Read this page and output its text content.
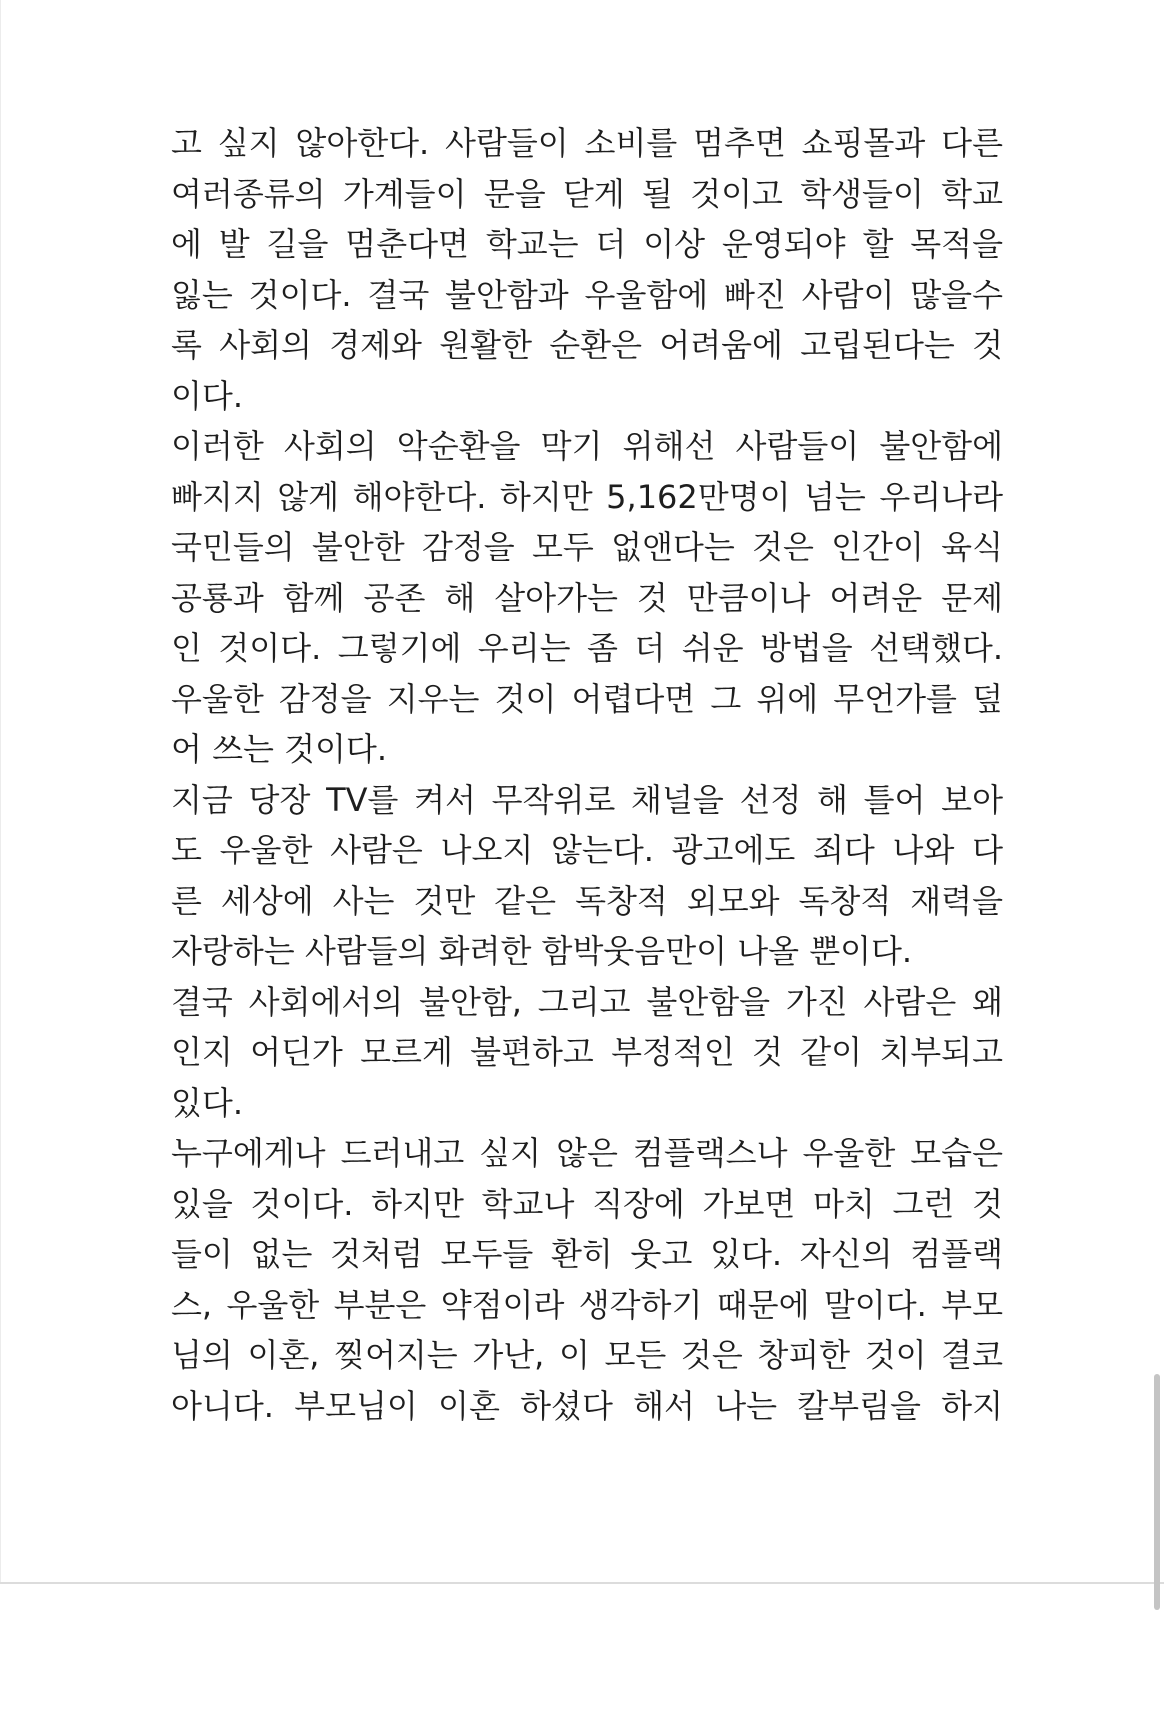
고 싶지 않아한다. 사람들이 소비를 멈추면 쇼핑몰과 다른
여러종류의 가계들이 문을 닫게 될 것이고 학생들이 학교
에 발 길을 멈춘다면 학교는 더 이상 운영되야 할 목적을
잃는 것이다. 결국 불안함과 우울함에 빠진 사람이 많을수
록 사회의 경제와 원활한 순환은 어려움에 고립된다는 것
이다.
이러한 사회의 악순환을 막기 위해선 사람들이 불안함에
빠지지 않게 해야한다. 하지만 5,162만명이 넘는 우리나라
국민들의 불안한 감정을 모두 없앤다는 것은 인간이 육식
공룡과 함께 공존 해 살아가는 것 만큼이나 어려운 문제
인 것이다. 그렇기에 우리는 좀 더 쉬운 방법을 선택했다.
우울한 감정을 지우는 것이 어렵다면 그 위에 무언가를 덮
어 쓰는 것이다.
지금 당장 TV를 켜서 무작위로 채널을 선정 해 틀어 보아
도 우울한 사람은 나오지 않는다. 광고에도 죄다 나와 다
른 세상에 사는 것만 같은 독창적 외모와 독창적 재력을
자랑하는 사람들의 화려한 함박웃음만이 나올 뿐이다.
결국 사회에서의 불안함, 그리고 불안함을 가진 사람은 왜
인지 어딘가 모르게 불편하고 부정적인 것 같이 치부되고
있다.
누구에게나 드러내고 싶지 않은 컴플랙스나 우울한 모습은
있을 것이다. 하지만 학교나 직장에 가보면 마치 그런 것
들이 없는 것처럼 모두들 환히 웃고 있다. 자신의 컴플랙
스, 우울한 부분은 약점이라 생각하기 때문에 말이다. 부모
님의 이혼, 찢어지는 가난, 이 모든 것은 창피한 것이 결코
아니다. 부모님이 이혼 하셨다 해서 나는 칼부림을 하지
